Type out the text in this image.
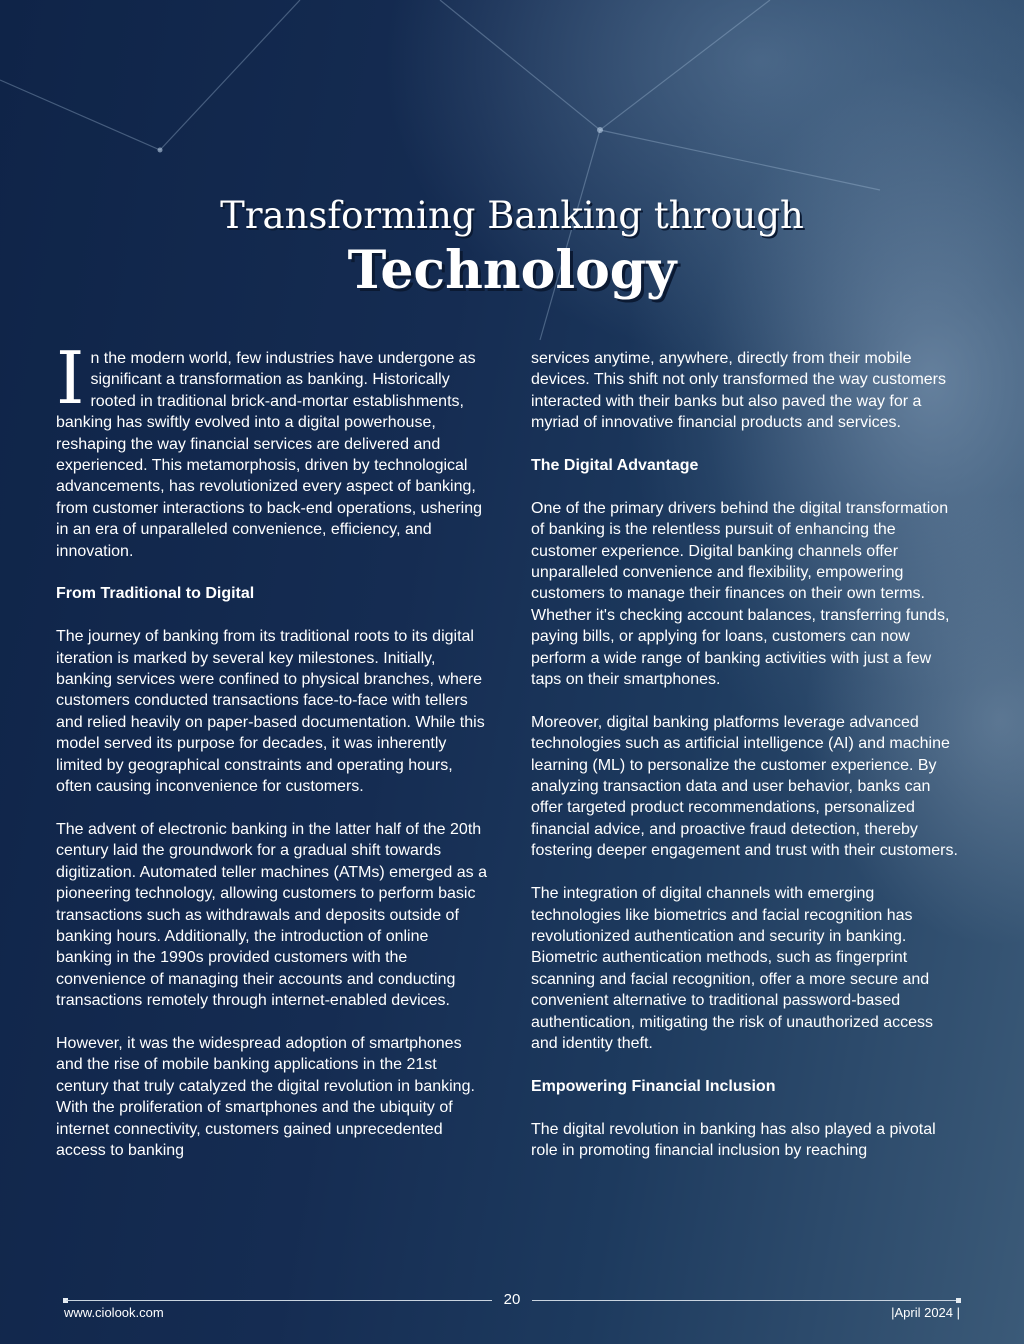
Transforming Banking through
Technology

In the modern world, few industries have undergone as significant a transformation as banking. Historically rooted in traditional brick-and-mortar establishments, banking has swiftly evolved into a digital powerhouse, reshaping the way financial services are delivered and experienced. This metamorphosis, driven by technological advancements, has revolutionized every aspect of banking, from customer interactions to back-end operations, ushering in an era of unparalleled convenience, efficiency, and innovation.

From Traditional to Digital

The journey of banking from its traditional roots to its digital iteration is marked by several key milestones. Initially, banking services were confined to physical branches, where customers conducted transactions face-to-face with tellers and relied heavily on paper-based documentation. While this model served its purpose for decades, it was inherently limited by geographical constraints and operating hours, often causing inconvenience for customers.

The advent of electronic banking in the latter half of the 20th century laid the groundwork for a gradual shift towards digitization. Automated teller machines (ATMs) emerged as a pioneering technology, allowing customers to perform basic transactions such as withdrawals and deposits outside of banking hours. Additionally, the introduction of online banking in the 1990s provided customers with the convenience of managing their accounts and conducting transactions remotely through internet-enabled devices.

However, it was the widespread adoption of smartphones and the rise of mobile banking applications in the 21st century that truly catalyzed the digital revolution in banking. With the proliferation of smartphones and the ubiquity of internet connectivity, customers gained unprecedented access to banking

services anytime, anywhere, directly from their mobile devices. This shift not only transformed the way customers interacted with their banks but also paved the way for a myriad of innovative financial products and services.

The Digital Advantage

One of the primary drivers behind the digital transformation of banking is the relentless pursuit of enhancing the customer experience. Digital banking channels offer unparalleled convenience and flexibility, empowering customers to manage their finances on their own terms. Whether it's checking account balances, transferring funds, paying bills, or applying for loans, customers can now perform a wide range of banking activities with just a few taps on their smartphones.

Moreover, digital banking platforms leverage advanced technologies such as artificial intelligence (AI) and machine learning (ML) to personalize the customer experience. By analyzing transaction data and user behavior, banks can offer targeted product recommendations, personalized financial advice, and proactive fraud detection, thereby fostering deeper engagement and trust with their customers.

The integration of digital channels with emerging technologies like biometrics and facial recognition has revolutionized authentication and security in banking. Biometric authentication methods, such as fingerprint scanning and facial recognition, offer a more secure and convenient alternative to traditional password-based authentication, mitigating the risk of unauthorized access and identity theft.

Empowering Financial Inclusion

The digital revolution in banking has also played a pivotal role in promoting financial inclusion by reaching

20
www.ciolook.com	|April 2024 |
